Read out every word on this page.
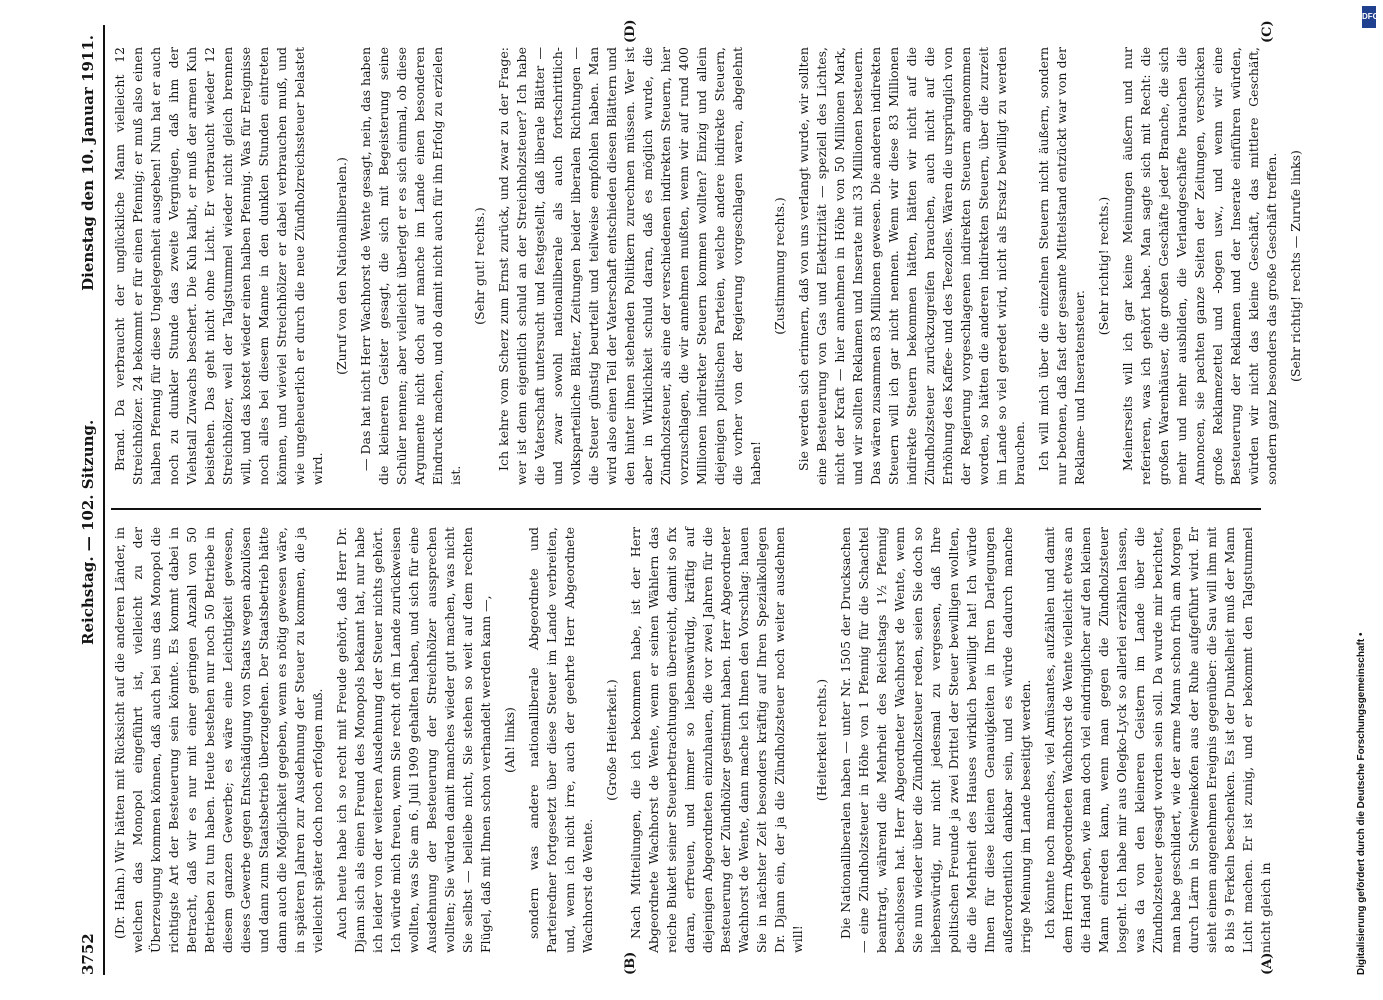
3752
Reichstag. — 102. Sitzung.
Dienstag den 10. Januar 1911.

(Dr. Hahn.) Wir hätten mit Rücksicht auf die anderen Länder, in welchen das Monopol eingeführt ist, vielleicht zu der Überzeugung kommen können, daß auch bei uns das Monopol die richtigste Art der Besteuerung sein könnte. Es kommt dabei in Betracht, daß wir es nur mit einer geringen Anzahl von 50 Betrieben zu tun haben. Heute bestehen nur noch 50 Betriebe in diesem ganzen Gewerbe; es wäre eine Leichtigkeit gewesen, dieses Gewerbe gegen Entschädigung von Staats wegen abzulösen und dann zum Staatsbetrieb überzugehen. Der Staatsbetrieb hätte dann auch die Möglichkeit gegeben, wenn es nötig gewesen wäre, in späteren Jahren zur Ausdehnung der Steuer zu kommen, die ja vielleicht später doch noch erfolgen muß. Auch heute habe ich so recht mit Freude gehört, daß Herr Dr. Djann sich als einen Freund des Monopols bekannt hat, nur habe ich leider von der weiteren Ausdehnung der Steuer nichts gehört. Ich würde mich freuen, wenn Sie recht oft im Lande zurückweisen wollten, was Sie am 6. Juli 1909 gehalten haben, und sich für eine Ausdehnung der Besteuerung der Streichhölzer aussprechen wollten; Sie würden damit manches wieder gut machen, was nicht Sie selbst — beileibe nicht, Sie stehen so weit auf dem rechten Flügel, daß mit Ihnen schon verhandelt werden kann —, (Ah! links) sondern was andere nationalliberale Abgeordnete und Parteiredner fortgesetzt über diese Steuer im Lande verbreiten, und, wenn ich nicht irre, auch der geehrte Herr Abgeordnete Wachhorst de Wente.

(Große Heiterkeit.) Nach Mitteilungen, die ich bekommen habe, ist der Herr Abgeordnete Wachhorst de Wente, wenn er seinen Wählern das reiche Bukett seiner Steuerbetrachtungen überreicht, damit so fix daran, erfreuen, und immer so liebenswürdig, kräftig auf diejenigen Abgeordneten einzuhauen, die vor zwei Jahren für die Besteuerung der Zündhölzer gestimmt haben. Herr Abgeordneter Wachhorst de Wente, dann mache ich Ihnen den Vorschlag: hauen Sie in nächster Zeit besonders kräftig auf Ihren Spezialkollegen Dr. Djann ein, der ja die Zündholzsteuer noch weiter ausdehnen will!

(Heiterkeit rechts.) Die Nationalliberalen haben — unter Nr. 1505 der Drucksachen — eine Zündholzsteuer in Höhe von 1 Pfennig für die Schachtel beantragt, während die Mehrheit des Reichstags 1½ Pfennig beschlossen hat. Herr Abgeordneter Wachhorst de Wente, wenn Sie nun wieder über die Zündholzsteuer reden, seien Sie doch so liebenswürdig, nur nicht jedesmal zu vergessen, daß Ihre politischen Freunde ja zwei Drittel der Steuer bewilligen wollten, die die Mehrheit des Hauses wirklich bewilligt hat! Ich würde Ihnen für diese kleinen Genauigkeiten in Ihren Darlegungen außerordentlich dankbar sein, und es würde dadurch manche irrige Meinung im Lande beseitigt werden. Ich könnte noch manches, viel Amüsantes, aufzählen und damit dem Herrn Abgeordneten Wachhorst de Wente vielleicht etwas an die Hand geben, wie man doch viel eindringlicher auf den kleinen Mann einreden kann, wenn man gegen die Zündholzsteuer losgeht. Ich habe mir aus Olegko-Lyck so allerlei erzählen lassen, was da von den kleineren Geistern im Lande über die Zündholzsteuer gesagt worden sein soll. Da wurde mir berichtet, man habe geschildert, wie der arme Mann schon früh am Morgen durch Lärm in Schweinekofen aus der Ruhe aufgeführt wird. Er sieht einem angenehmen Ereignis gegenüber: die Sau will ihm mit 8 bis 9 Ferkeln beschenken. Es ist der Dunkelheit muß der Mann Licht machen. Er ist zunig, und er bekommt den Talgstummel nicht gleich in

Brand. Da verbraucht der unglückliche Mann vielleicht 12 Streichhölzer. 24 bekommt er für einen Pfennig; er muß also einen halben Pfennig für diese Ungelegenheit ausgeben! Nun hat er auch noch zu dunkler Stunde das zweite Vergnügen, daß ihm der Viehstall Zuwachs beschert. Die Kuh kalbt, er muß der armen Kuh beistehen. Das geht nicht ohne Licht. Er verbraucht wieder 12 Streichhölzer, weil der Talgstummel wieder nicht gleich brennen will, und das kostet wieder einen halben Pfennig. Was für Ereignisse noch alles bei diesem Manne in den dunklen Stunden eintreten können, und wieviel Streichhölzer er dabei verbrauchen muß, und wie ungeheuerlich er durch die neue Zündholzreichssteuer belastet wird.

(Zuruf von den Nationalliberalen.) — Das hat nicht Herr Wachhorst de Wente gesagt, nein, das haben die kleineren Geister gesagt, die sich mit Begeisterung seine Schüler nennen; aber vielleicht überlegt er es sich einmal, ob diese Argumente nicht doch auf manche im Lande einen besonderen Eindruck machen, und ob damit nicht auch für ihn Erfolg zu erzielen ist.

(Sehr gut! rechts.) Ich kehre vom Scherz zum Ernst zurück, und zwar zu der Frage: wer ist denn eigentlich schuld an der Streichholzsteuer? Ich habe die Vaterschaft untersucht und festgestellt, daß liberale Blätter — und zwar sowohl nationalliberale als auch fortschrittlich-volksparteiliche Blätter, Zeitungen beider liberalen Richtungen — die Steuer günstig beurteilt und teilweise empfohlen haben. Man wird also einen Teil der Vaterschaft entschieden diesen Blättern und den hinter ihnen stehenden Politikern zurechnen müssen. Wer ist aber in Wirklichkeit schuld daran, daß es möglich wurde, die Zündholzsteuer, als eine der verschiedenen indirekten Steuern, hier vorzuschlagen, die wir annehmen mußten, wenn wir auf rund 400 Millionen indirekter Steuern kommen wollten? Einzig und allein diejenigen politischen Parteien, welche andere indirekte Steuern, die vorher von der Regierung vorgeschlagen waren, abgelehnt haben!

(Zustimmung rechts.) Sie werden sich erinnern, daß von uns verlangt wurde, wir sollten eine Besteuerung von Gas und Elektrizität — speziell des Lichtes, nicht der Kraft — hier annehmen in Höhe von 50 Millionen Mark, und wir sollten Reklamen und Inserate mit 33 Millionen besteuern. Das wären zusammen 83 Millionen gewesen. Die anderen indirekten Steuern will ich gar nicht nennen. Wenn wir diese 83 Millionen indirekte Steuern bekommen hätten, hätten wir nicht auf die Zündholzsteuer zurückzugreifen brauchen, auch nicht auf die Erhöhung des Kaffee- und des Teezolles. Wären die ursprünglich von der Regierung vorgeschlagenen indirekten Steuern angenommen worden, so hätten die anderen indirekten Steuern, über die zurzeit im Lande so viel geredet wird, nicht als Ersatz bewilligt zu werden brauchen. Ich will mich über die einzelnen Steuern nicht äußern, sondern nur betonen, daß fast der gesamte Mittelstand entzückt war von der Reklame- und Inseratensteuer.

(Sehr richtig! rechts.) Meinerseits will ich gar keine Meinungen äußern und nur referieren, was ich gehört habe. Man sagte sich mit Recht: die großen Warenhäuser, die großen Geschäfte jeder Branche, die sich mehr und mehr ausbilden, die Verlandgeschäfte brauchen die Annoncen, sie pachten ganze Seiten der Zeitungen, verschicken große Reklamezettel und -bogen usw., und wenn wir eine Besteuerung der Reklamen und der Inserate einführen würden, würden wir nicht das kleine Geschäft, das mittlere Geschäft, sondern ganz besonders das große Geschäft treffen. (Sehr richtig! rechts — Zurufe links)

(A)
(B)
(C)
(D)
Digitalisierung gefördert durch die Deutsche Forschungsgemeinschaft •
DFG
